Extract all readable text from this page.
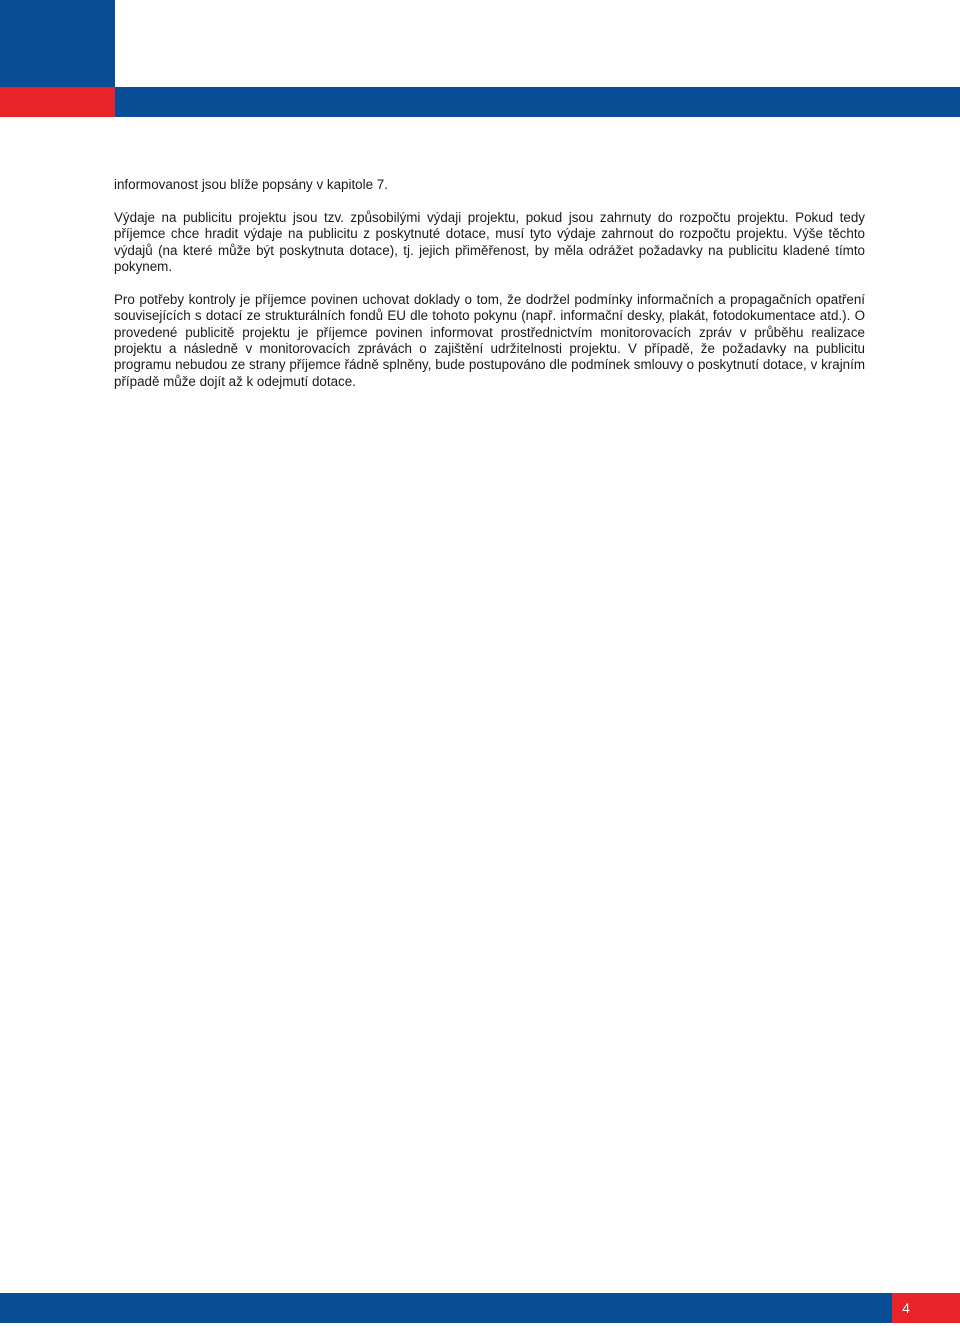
informovanost jsou blíže popsány v kapitole 7.

Výdaje na publicitu projektu jsou tzv. způsobilými výdaji projektu, pokud jsou zahrnuty do rozpočtu projektu. Pokud tedy příjemce chce hradit výdaje na publicitu z poskytnuté dotace, musí tyto výdaje zahrnout do rozpočtu projektu. Výše těchto výdajů (na které může být poskytnuta dotace), tj. jejich přiměřenost, by měla odrážet požadavky na publicitu kladené tímto pokynem.

Pro potřeby kontroly je příjemce povinen uchovat doklady o tom, že dodržel podmínky informačních a propagačních opatření souvisejících s dotací ze strukturálních fondů EU dle tohoto pokynu (např. informační desky, plakát, fotodokumentace atd.). O provedené publicitě projektu je příjemce povinen informovat prostřednictvím monitorovacích zpráv v průběhu realizace projektu a následně v monitorovacích zprávách o zajištění udržitelnosti projektu. V případě, že požadavky na publicitu programu nebudou ze strany příjemce řádně splněny, bude postupováno dle podmínek smlouvy o poskytnutí dotace, v krajním případě může dojít až k odejmutí dotace.

4
